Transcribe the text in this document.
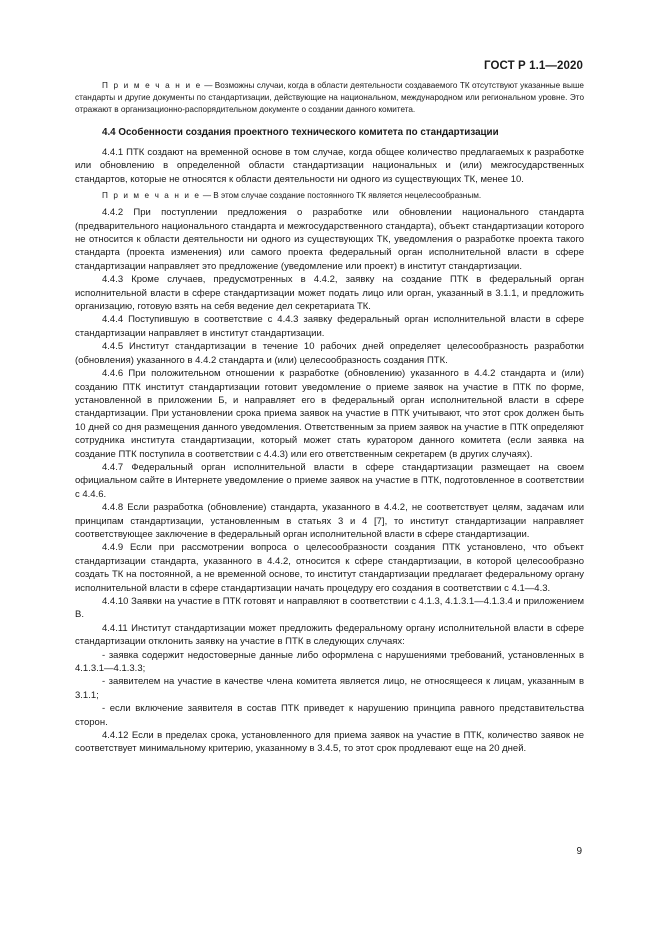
ГОСТ Р 1.1—2020

П р и м е ч а н и е — Возможны случаи, когда в области деятельности создаваемого ТК отсутствуют указанные выше стандарты и другие документы по стандартизации, действующие на национальном, международном или региональном уровне. Это отражают в организационно-распорядительном документе о создании данного комитета.

4.4 Особенности создания проектного технического комитета по стандартизации

4.4.1 ПТК создают на временной основе в том случае, когда общее количество предлагаемых к разработке или обновлению в определенной области стандартизации национальных и (или) межгосударственных стандартов, которые не относятся к области деятельности ни одного из существующих ТК, менее 10.

П р и м е ч а н и е — В этом случае создание постоянного ТК является нецелесообразным.

4.4.2 При поступлении предложения о разработке или обновлении национального стандарта (предварительного национального стандарта и межгосударственного стандарта), объект стандартизации которого не относится к области деятельности ни одного из существующих ТК, уведомления о разработке проекта такого стандарта (проекта изменения) или самого проекта федеральный орган исполнительной власти в сфере стандартизации направляет это предложение (уведомление или проект) в институт стандартизации.

4.4.3 Кроме случаев, предусмотренных в 4.4.2, заявку на создание ПТК в федеральный орган исполнительной власти в сфере стандартизации может подать лицо или орган, указанный в 3.1.1, и предложить организацию, готовую взять на себя ведение дел секретариата ТК.

4.4.4 Поступившую в соответствие с 4.4.3 заявку федеральный орган исполнительной власти в сфере стандартизации направляет в институт стандартизации.

4.4.5 Институт стандартизации в течение 10 рабочих дней определяет целесообразность разработки (обновления) указанного в 4.4.2 стандарта и (или) целесообразность создания ПТК.

4.4.6 При положительном отношении к разработке (обновлению) указанного в 4.4.2 стандарта и (или) созданию ПТК институт стандартизации готовит уведомление о приеме заявок на участие в ПТК по форме, установленной в приложении Б, и направляет его в федеральный орган исполнительной власти в сфере стандартизации. При установлении срока приема заявок на участие в ПТК учитывают, что этот срок должен быть 10 дней со дня размещения данного уведомления. Ответственным за прием заявок на участие в ПТК определяют сотрудника института стандартизации, который может стать куратором данного комитета (если заявка на создание ПТК поступила в соответствии с 4.4.3) или его ответственным секретарем (в других случаях).

4.4.7 Федеральный орган исполнительной власти в сфере стандартизации размещает на своем официальном сайте в Интернете уведомление о приеме заявок на участие в ПТК, подготовленное в соответствии с 4.4.6.

4.4.8 Если разработка (обновление) стандарта, указанного в 4.4.2, не соответствует целям, задачам или принципам стандартизации, установленным в статьях 3 и 4 [7], то институт стандартизации направляет соответствующее заключение в федеральный орган исполнительной власти в сфере стандартизации.

4.4.9 Если при рассмотрении вопроса о целесообразности создания ПТК установлено, что объект стандартизации стандарта, указанного в 4.4.2, относится к сфере стандартизации, в которой целесообразно создать ТК на постоянной, а не временной основе, то институт стандартизации предлагает федеральному органу исполнительной власти в сфере стандартизации начать процедуру его создания в соответствии с 4.1—4.3.

4.4.10 Заявки на участие в ПТК готовят и направляют в соответствии с 4.1.3, 4.1.3.1—4.1.3.4 и приложением В.

4.4.11 Институт стандартизации может предложить федеральному органу исполнительной власти в сфере стандартизации отклонить заявку на участие в ПТК в следующих случаях:

- заявка содержит недостоверные данные либо оформлена с нарушениями требований, установленных в 4.1.3.1—4.1.3.3;

- заявителем на участие в качестве члена комитета является лицо, не относящееся к лицам, указанным в 3.1.1;

- если включение заявителя в состав ПТК приведет к нарушению принципа равного представительства сторон.

4.4.12 Если в пределах срока, установленного для приема заявок на участие в ПТК, количество заявок не соответствует минимальному критерию, указанному в 3.4.5, то этот срок продлевают еще на 20 дней.

9
